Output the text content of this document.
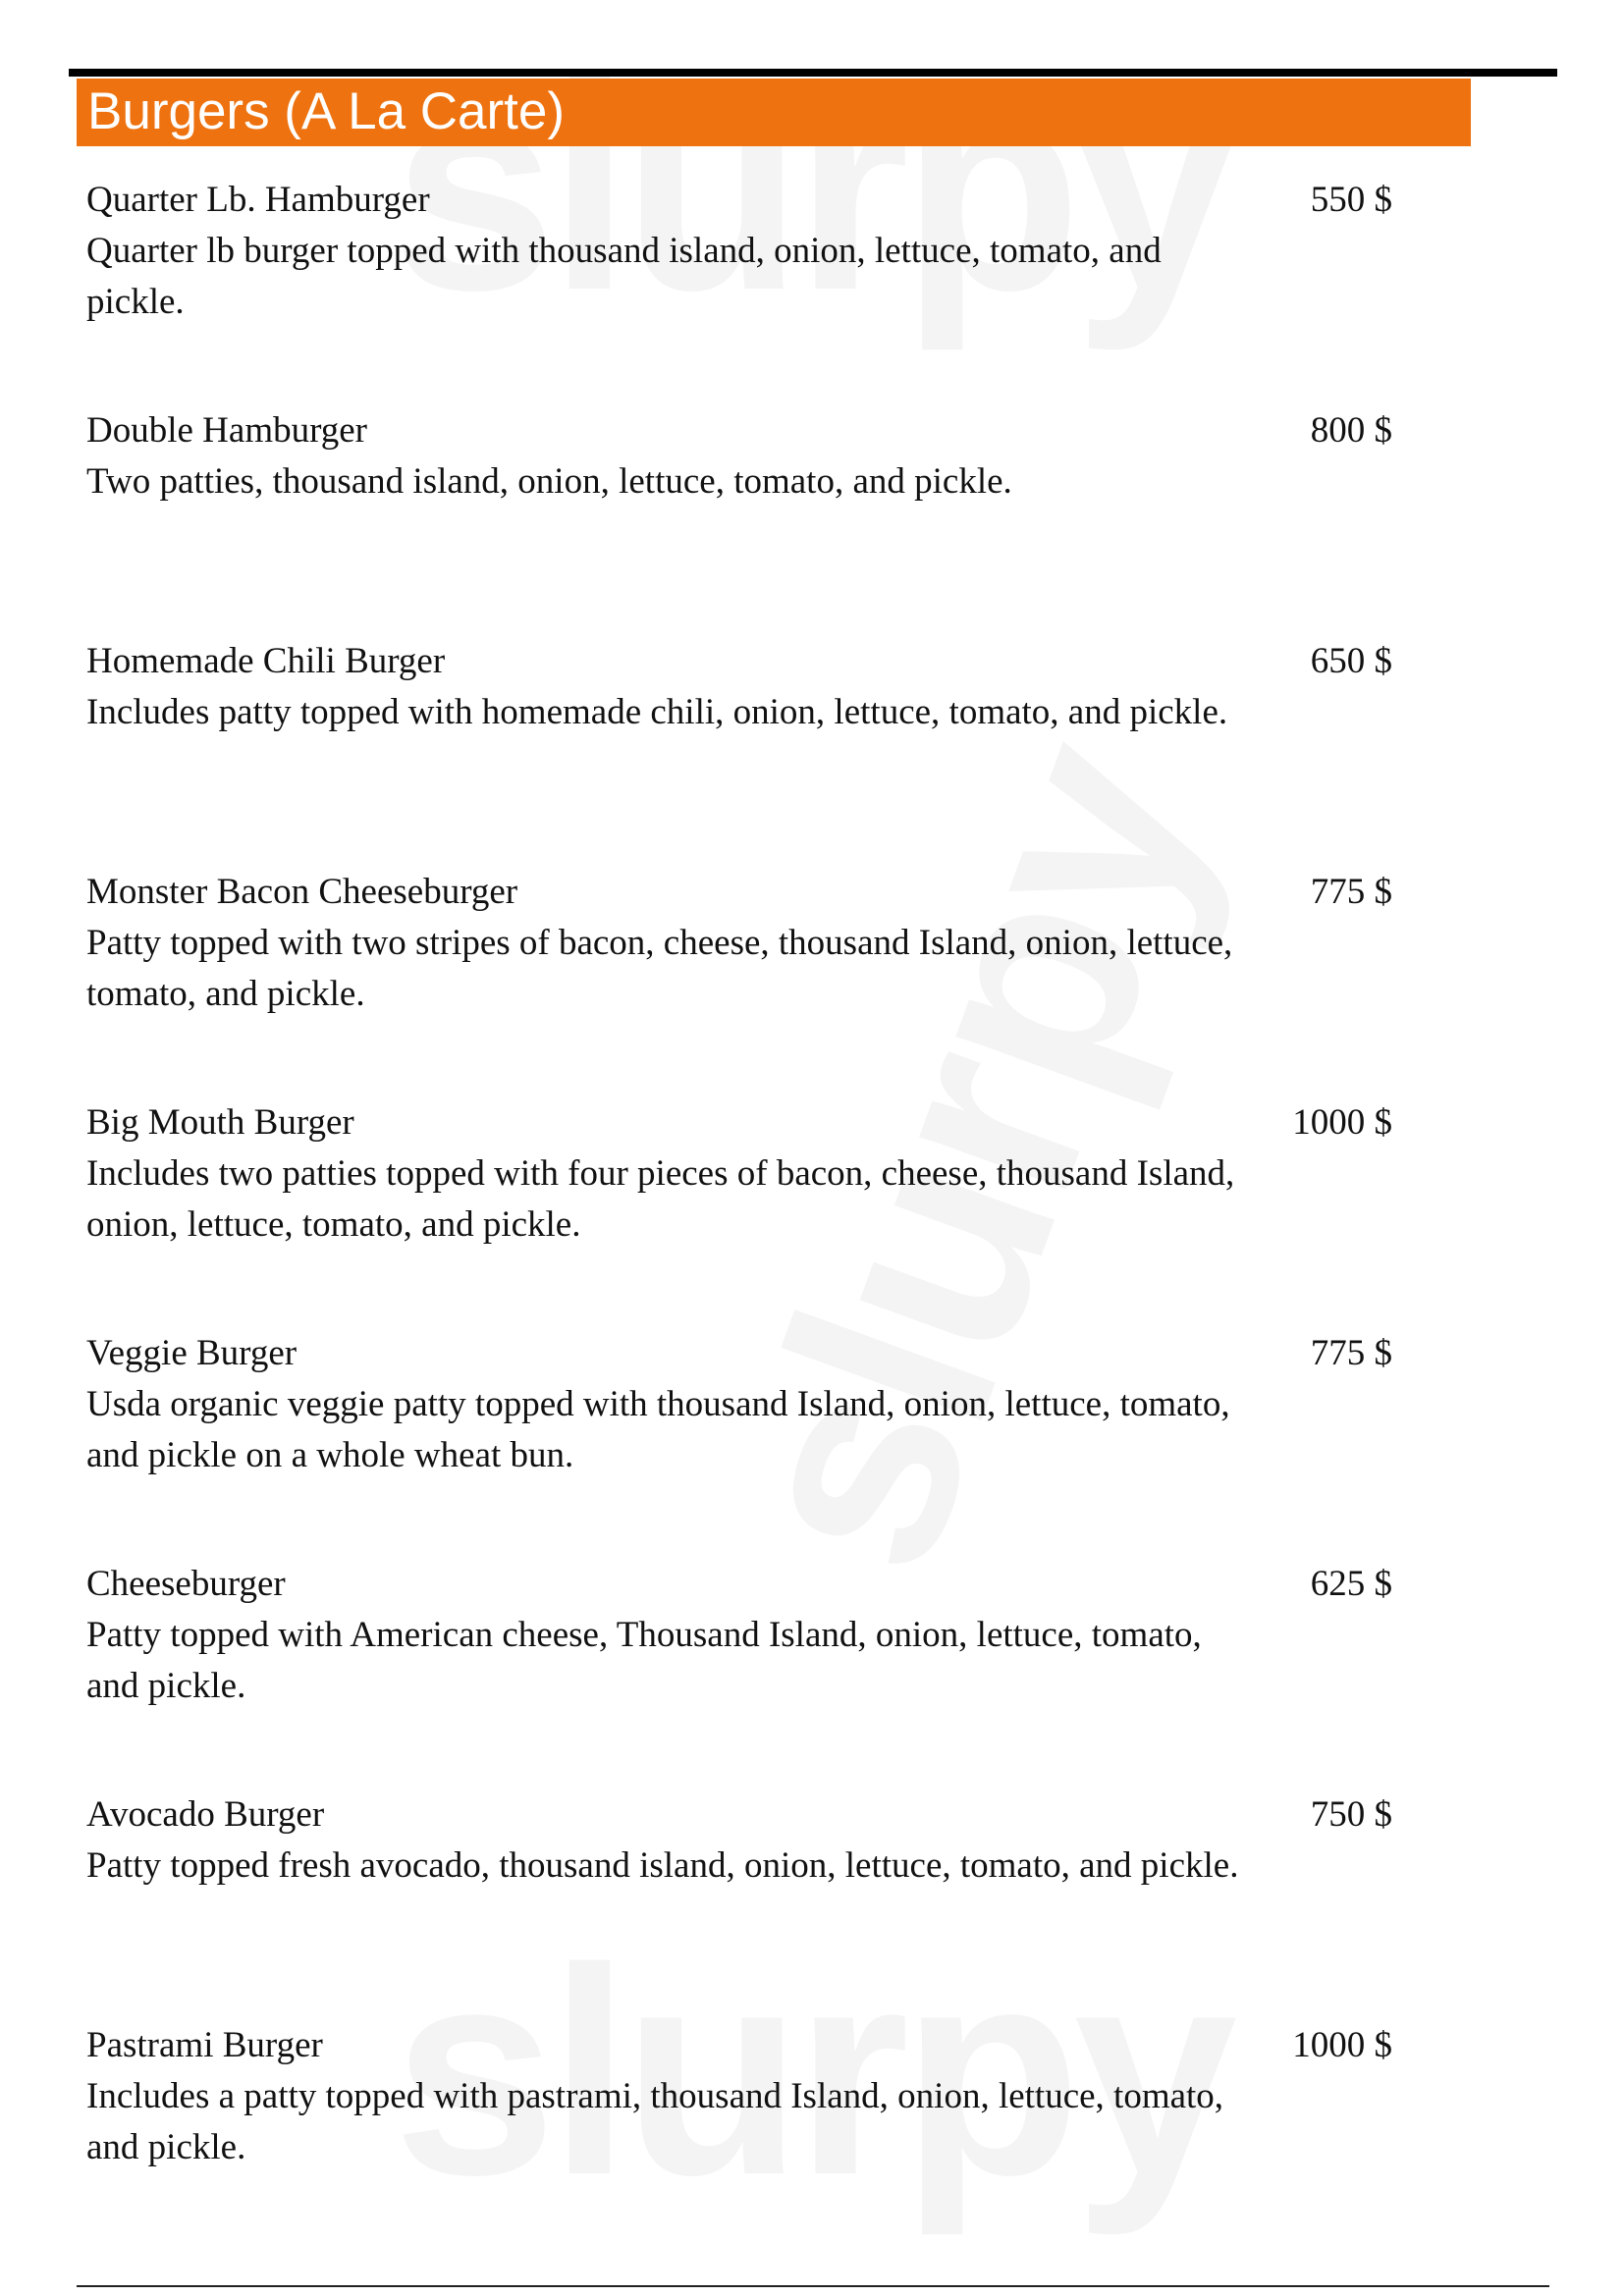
Burgers (A La Carte)
Quarter Lb. Hamburger	550 $
Quarter lb burger topped with thousand island, onion, lettuce, tomato, and pickle.
Double Hamburger	800 $
Two patties, thousand island, onion, lettuce, tomato, and pickle.
Homemade Chili Burger	650 $
Includes patty topped with homemade chili, onion, lettuce, tomato, and pickle.
Monster Bacon Cheeseburger	775 $
Patty topped with two stripes of bacon, cheese, thousand Island, onion, lettuce, tomato, and pickle.
Big Mouth Burger	1000 $
Includes two patties topped with four pieces of bacon, cheese, thousand Island, onion, lettuce, tomato, and pickle.
Veggie Burger	775 $
Usda organic veggie patty topped with thousand Island, onion, lettuce, tomato, and pickle on a whole wheat bun.
Cheeseburger	625 $
Patty topped with American cheese, Thousand Island, onion, lettuce, tomato, and pickle.
Avocado Burger	750 $
Patty topped fresh avocado, thousand island, onion, lettuce, tomato, and pickle.
Pastrami Burger	1000 $
Includes a patty topped with pastrami, thousand Island, onion, lettuce, tomato, and pickle.
